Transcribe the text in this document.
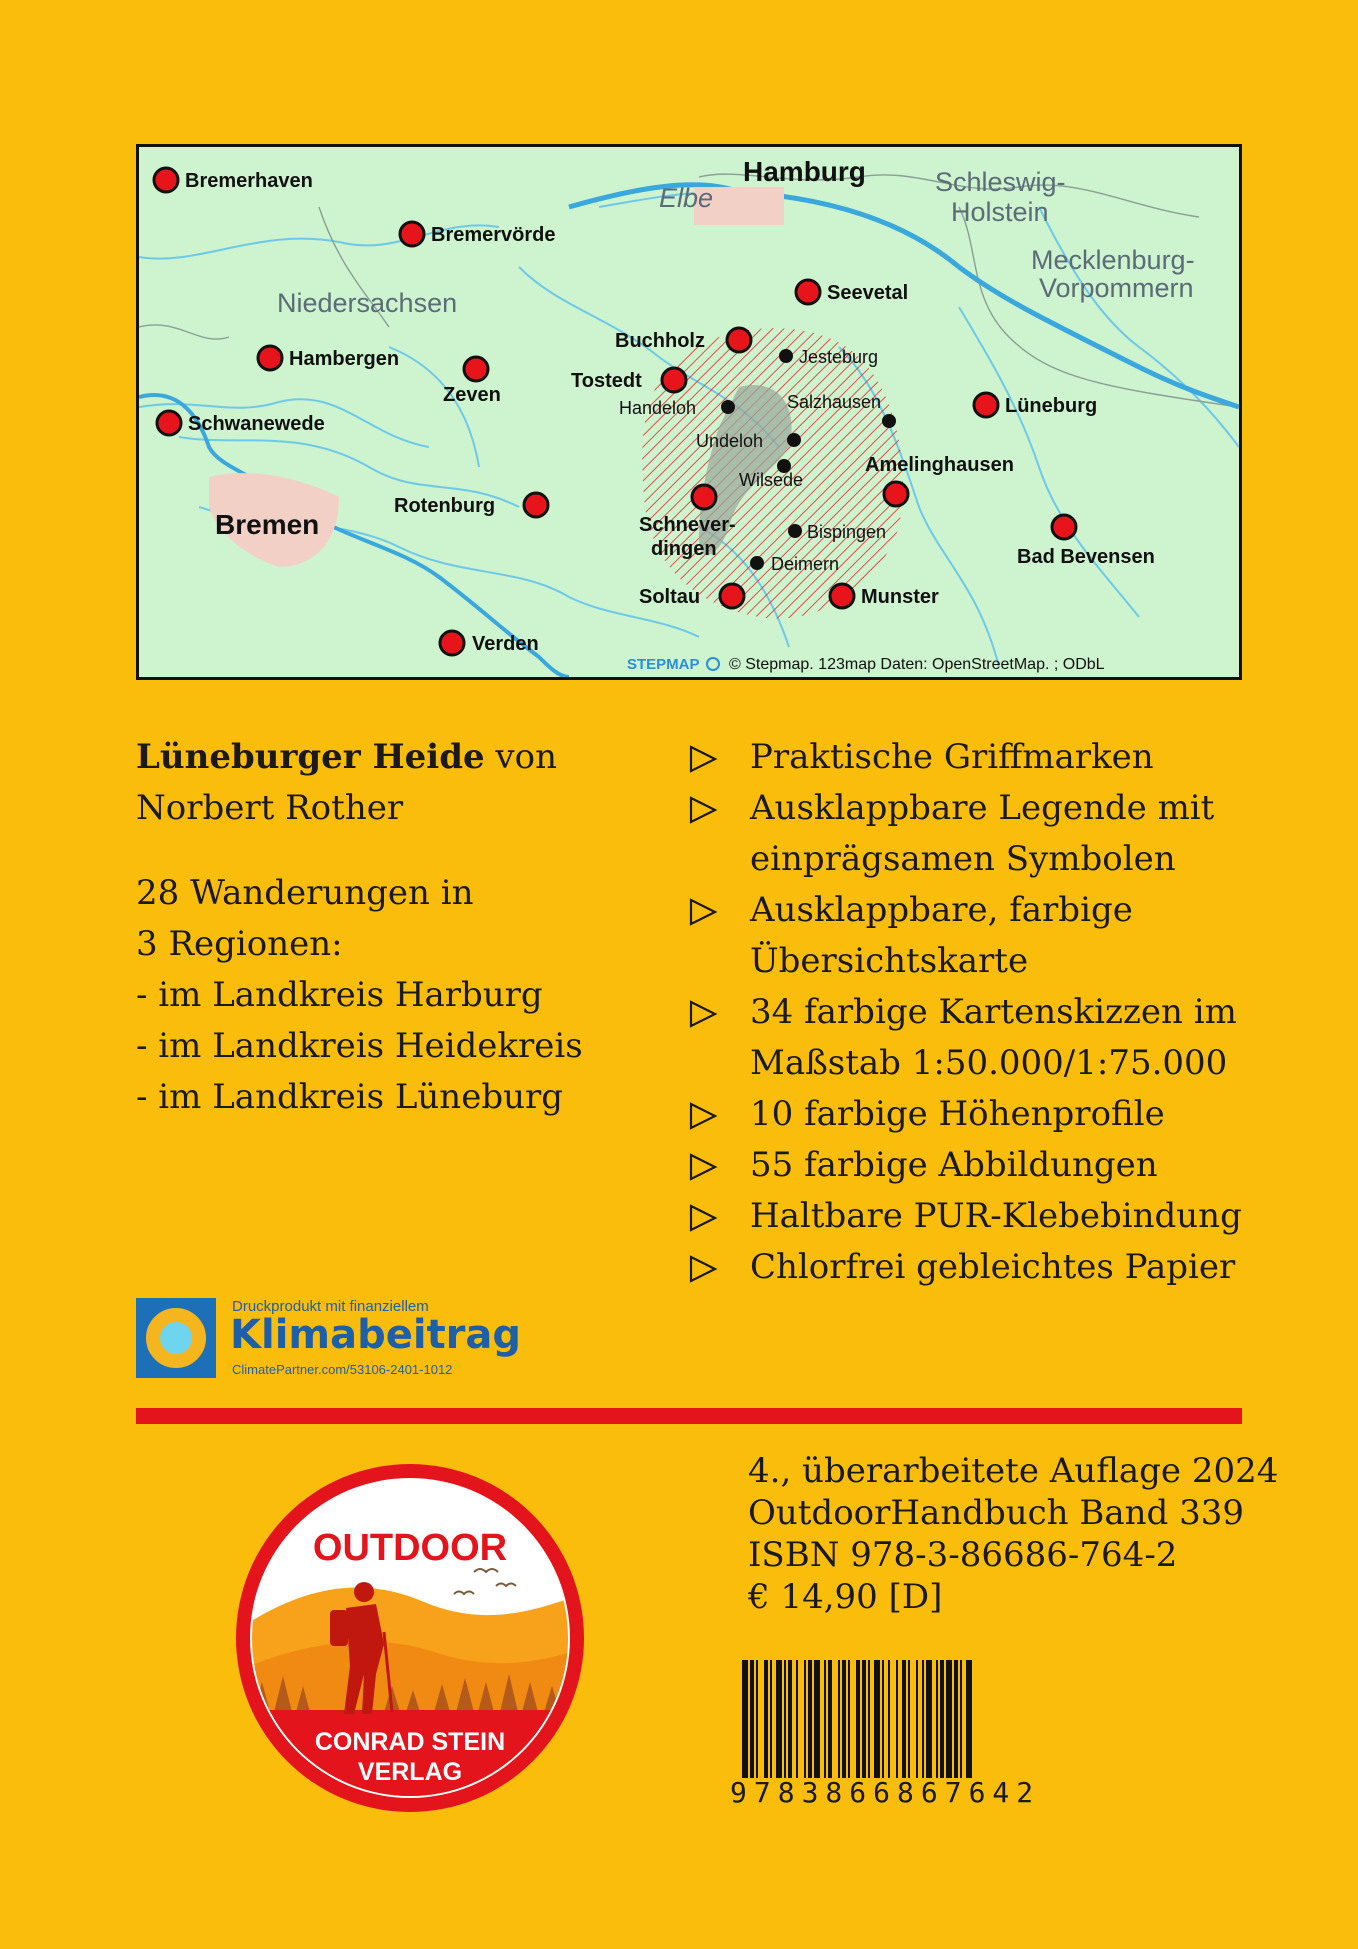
Niedersachsen
Schleswig-
Holstein
Mecklenburg-
Vorpommern
Elbe
Hamburg
Bremen
Bremerhaven
Bremervörde
Seevetal
Buchholz
Hambergen
Zeven
Tostedt
Lüneburg
Schwanewede
Rotenburg
Schnever-
dingen
Amelinghausen
Bad Bevensen
Soltau	Munster
Verden
Jesteburg
Handeloh	Salzhausen
Undeloh
Wilsede
Bispingen
Deimern
STEPMAP © Stepmap. 123map Daten: OpenStreetMap. ; ODbL
Lüneburger Heide von
Norbert Rother
28 Wanderungen in
3 Regionen:
- im Landkreis Harburg
- im Landkreis Heidekreis
- im Landkreis Lüneburg
Praktische Griffmarken
Ausklappbare Legende mit
einprägsamen Symbolen
Ausklappbare, farbige
Übersichtskarte
34 farbige Kartenskizzen im
Maßstab 1:50.000/1:75.000
10 farbige Höhenprofile
55 farbige Abbildungen
Haltbare PUR-Klebebindung
Chlorfrei gebleichtes Papier
Druckprodukt mit finanziellem
Klimabeitrag
ClimatePartner.com/53106-2401-1012
OUTDOOR
CONRAD STEIN
VERLAG
4., überarbeitete Auflage 2024
OutdoorHandbuch Band 339
ISBN 978-3-86686-764-2
€ 14,90 [D]
9783866867642
